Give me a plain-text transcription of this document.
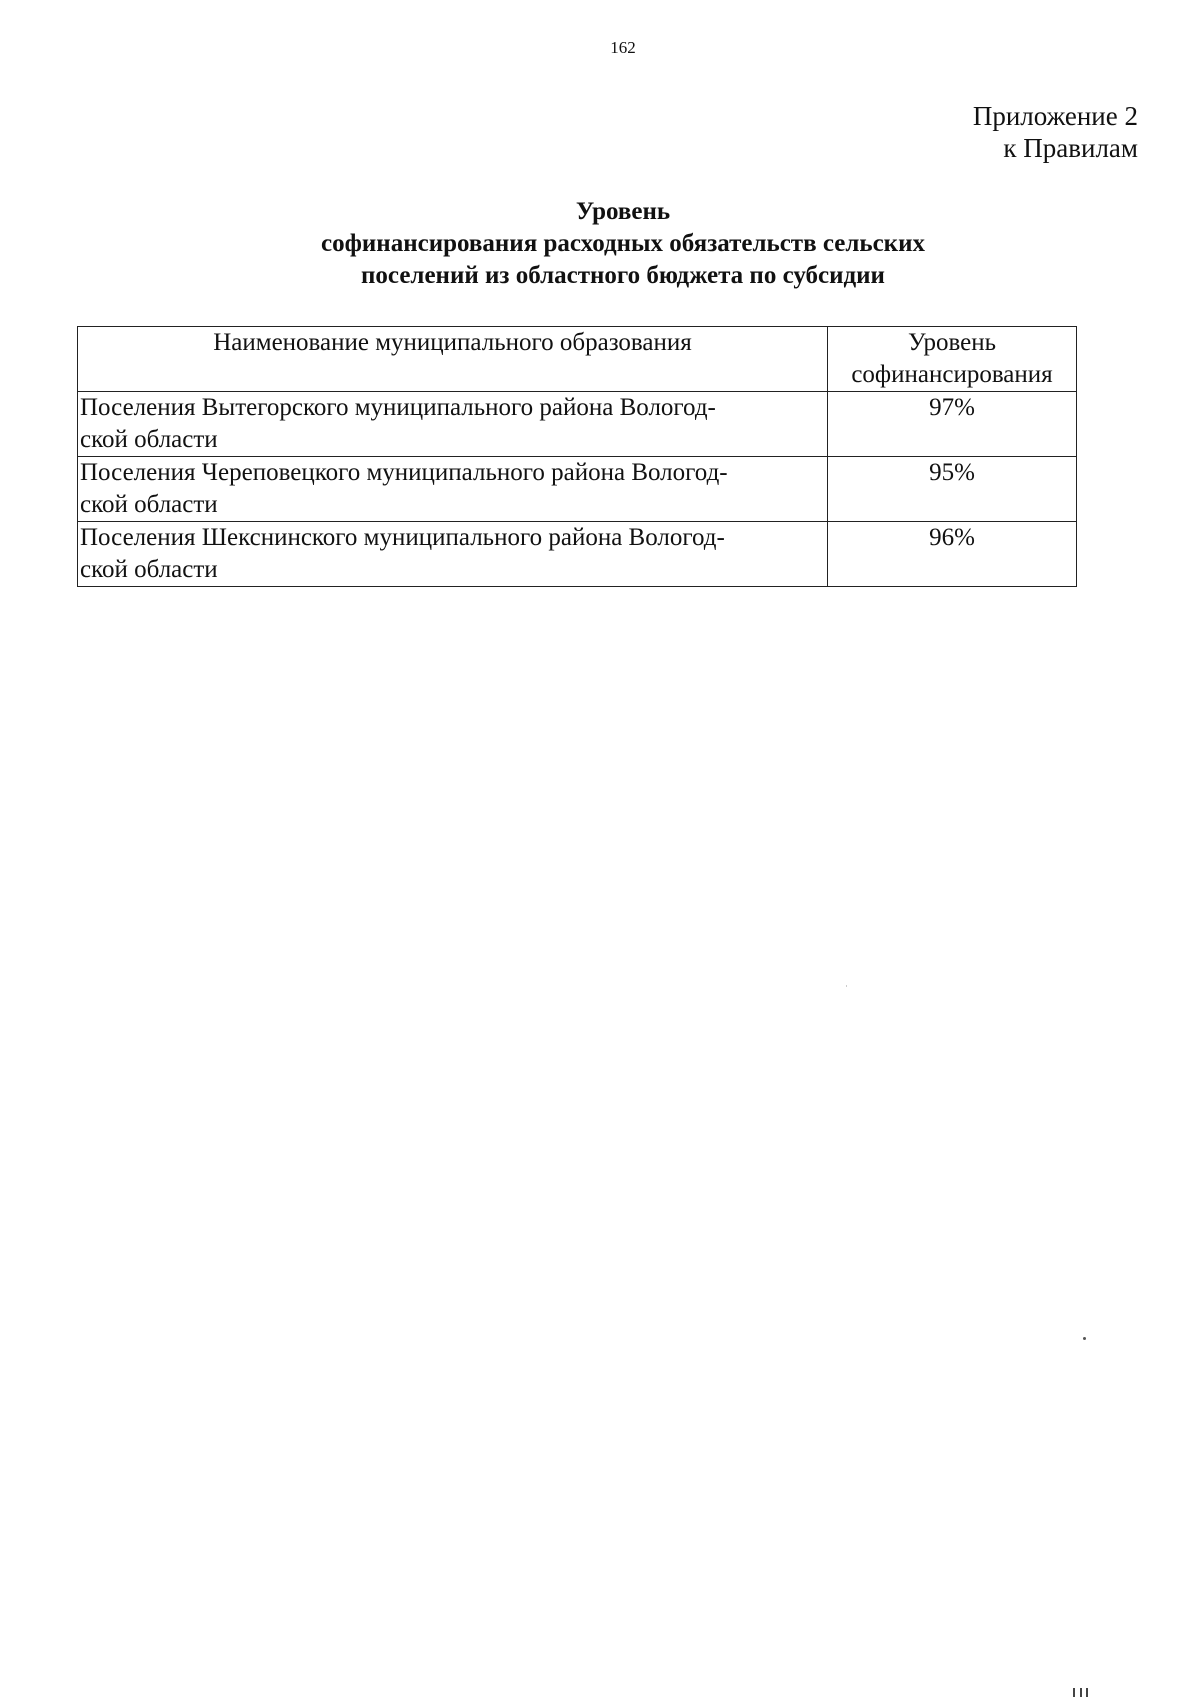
162
Приложение 2
к Правилам
Уровень
софинансирования расходных обязательств сельских
поселений из областного бюджета по субсидии
Наименование муниципального образования	Уровень
софинансирования

Поселения Вытегорского муниципального района Вологод-
ской области	97%

Поселения Череповецкого муниципального района Вологод-
ской области	95%

Поселения Шекснинского муниципального района Вологод-
ской области	96%
